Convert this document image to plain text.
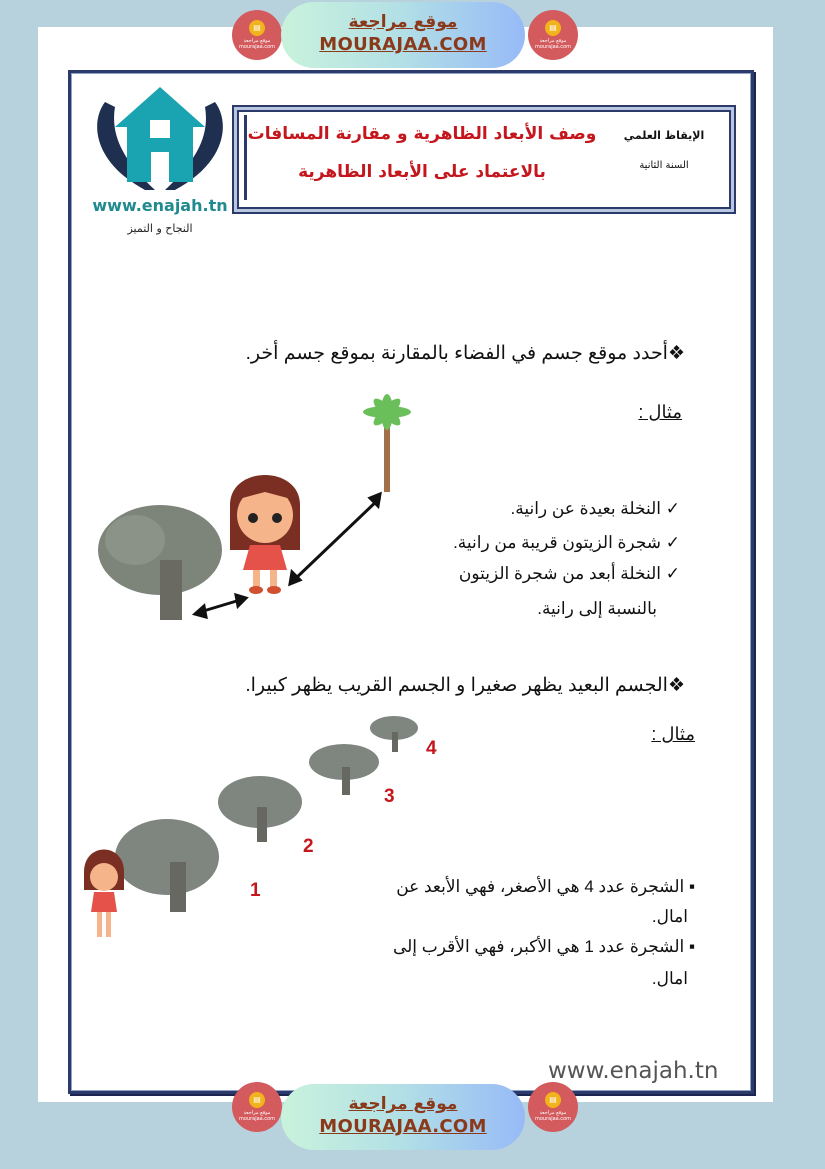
▤
موقع مراجعة mourajaa.com
موقع مراجعة
MOURAJAA.COM
▤
موقع مراجعة mourajaa.com
www.enajah.tn
النجاح و التميز
وصف الأبعاد الظاهرية و مقارنة المسافات
بالاعتماد على الأبعاد الظاهرية
الإيقاظ العلمي
السنة الثانية
❖أحدد موقع جسم في الفضاء بالمقارنة بموقع جسم أخر.
مثال :
✓ النخلة بعيدة عن رانية.
✓ شجرة الزيتون قريبة من رانية.
✓ النخلة أبعد من شجرة الزيتون
بالنسبة إلى رانية.
❖الجسم البعيد يظهر صغيرا و الجسم القريب يظهر كبيرا.
مثال :
1
2
3
4
▪ الشجرة عدد 4 هي الأصغر، فهي الأبعد عن
امال.
▪ الشجرة عدد 1 هي الأكبر، فهي الأقرب إلى
امال.
www.enajah.tn
▤
موقع مراجعة mourajaa.com
موقع مراجعة
MOURAJAA.COM
▤
موقع مراجعة mourajaa.com
